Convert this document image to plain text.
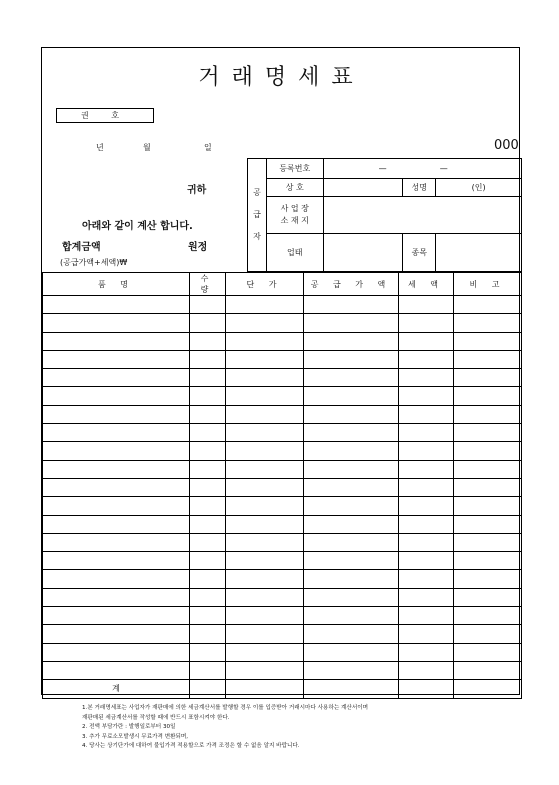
거래명세표
권 호
년	월	일	000
귀하
아래와 같이 계산 합니다.
합계금액	원정
(공급가액+세액)₩
공
급
자	등록번호	— —		
	상 호		성명	(인)
	사 업 장
소 재 지			
	업태		종목	
품 명	수 량	단 가	공 급 가 액	세 액	비 고

계					
1.본 거래명세표는 사업자가 재판매에 의한 세금계산서를 발행할 경우 이를 입증받아 거래시마다 사용하는 계산서이며
재판매된 세금계산서를 작성할 때에 반드시 표함시켜야 한다.
2. 전액 부담가란 : 발행일로부터 30일
3. 추가 무료소모발생시 무료가격 변환되며,
4. 당사는 상기단가에 대하여 불입가격 적용할으로 가격 조정은 할 수 없음 알지 바랍니다.
